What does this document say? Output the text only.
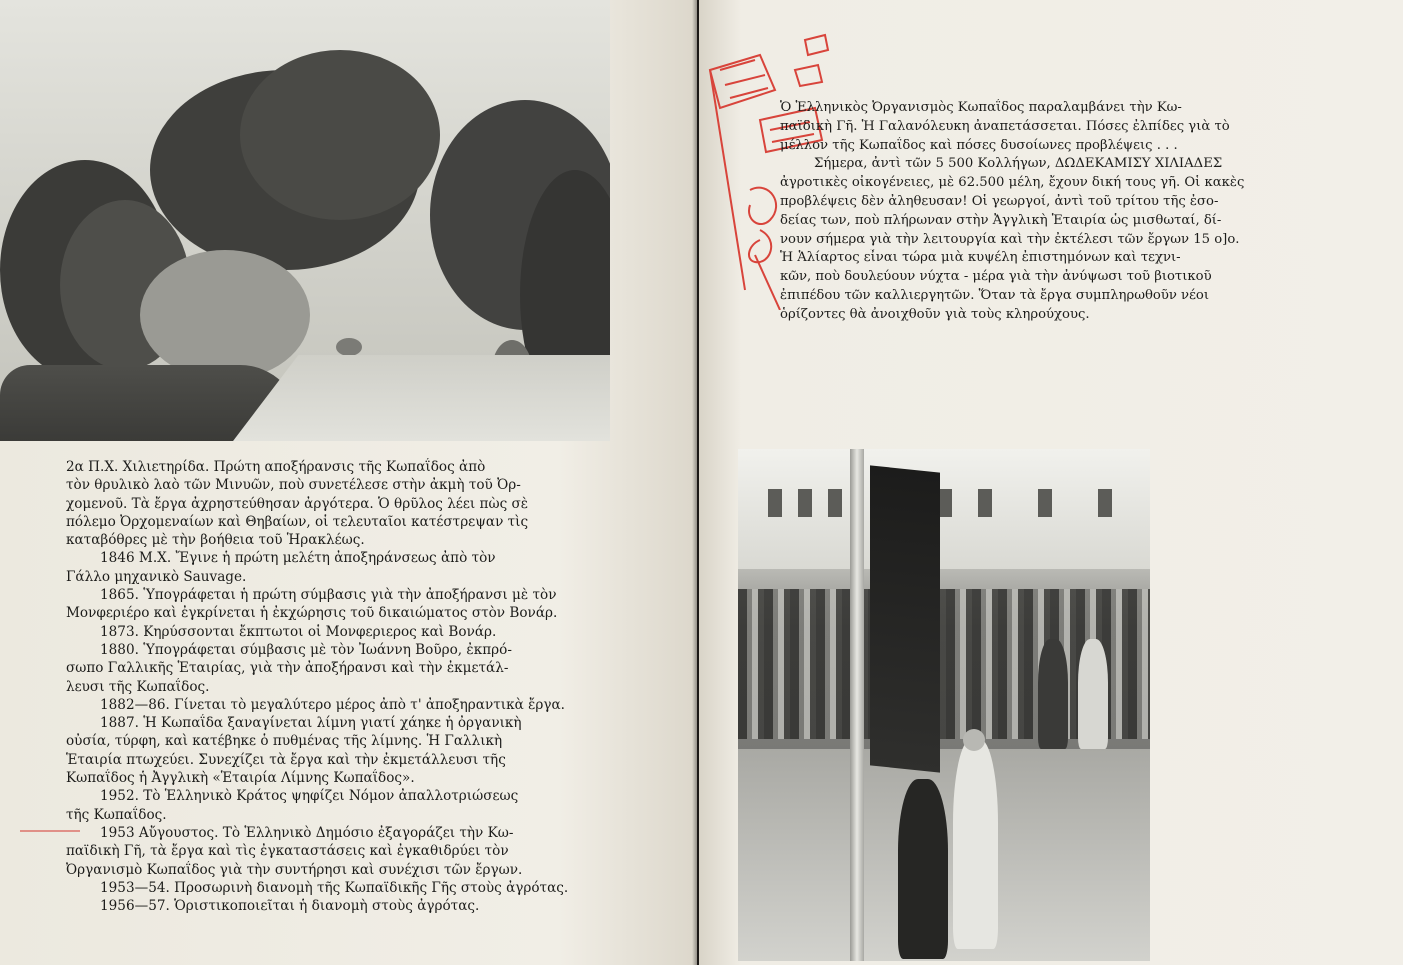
2α Π.Χ. Χιλιετηρίδα. Πρώτη αποξήρανσις τῆς Κωπαΐδος ἀπὸ

τὸν θρυλικὸ λαὸ τῶν Μινυῶν, ποὺ συνετέλεσε στὴν ἀκμὴ τοῦ Ὀρ-

χομενοῦ. Τὰ ἔργα ἀχρηστεύθησαν ἀργότερα. Ὁ θρῦλος λέει πὼς σὲ

πόλεμο Ὀρχομεναίων καὶ Θηβαίων, οἱ τελευταῖοι κατέστρεψαν τὶς

καταβόθρες μὲ τὴν βοήθεια τοῦ Ἡρακλέως.

1846 Μ.Χ. Ἔγινε ἡ πρώτη μελέτη ἀποξηράνσεως ἀπὸ τὸν

Γάλλο μηχανικὸ Sauvage.

1865. Ὑπογράφεται ἡ πρώτη σύμβασις γιὰ τὴν ἀποξήρανσι μὲ τὸν

Μονφεριέρο καὶ ἐγκρίνεται ἡ ἐκχώρησις τοῦ δικαιώματος στὸν Βονάρ.

1873. Κηρύσσονται ἔκπτωτοι οἱ Μονφεριερος καὶ Βονάρ.

1880. Ὑπογράφεται σύμβασις μὲ τὸν Ἰωάννη Βοῦρο, ἐκπρό-

σωπο Γαλλικῆς Ἑταιρίας, γιὰ τὴν ἀποξήρανσι καὶ τὴν ἐκμετάλ-

λευσι τῆς Κωπαΐδος.

1882—86. Γίνεται τὸ μεγαλύτερο μέρος ἀπὸ τ' ἀποξηραντικὰ ἔργα.

1887. Ἡ Κωπαΐδα ξαναγίνεται λίμνη γιατί χάηκε ἡ ὀργανικὴ

οὐσία, τύρφη, καὶ κατέβηκε ὁ πυθμένας τῆς λίμνης. Ἡ Γαλλικὴ

Ἑταιρία πτωχεύει. Συνεχίζει τὰ ἔργα καὶ τὴν ἐκμετάλλευσι τῆς

Κωπαΐδος ἡ Ἀγγλικὴ «Ἑταιρία Λίμνης Κωπαΐδος».

1952. Τὸ Ἑλληνικὸ Κράτος ψηφίζει Νόμον ἀπαλλοτριώσεως

τῆς Κωπαΐδος.

1953 Αὔγουστος. Τὸ Ἑλληνικὸ Δημόσιο ἐξαγοράζει τὴν Κω-

παϊδικὴ Γῆ, τὰ ἔργα καὶ τὶς ἐγκαταστάσεις καὶ ἐγκαθιδρύει τὸν

Ὀργανισμὸ Κωπαΐδος γιὰ τὴν συντήρησι καὶ συνέχισι τῶν ἔργων.

1953—54. Προσωρινὴ διανομὴ τῆς Κωπαϊδικῆς Γῆς στοὺς ἀγρότας.

1956—57. Ὁριστικοποιεῖται ἡ διανομὴ στοὺς ἀγρότας.

Ὁ Ἑλληνικὸς Ὀργανισμὸς Κωπαΐδος παραλαμβάνει τὴν Κω-

παϊδικὴ Γῆ. Ἡ Γαλανόλευκη ἀναπετάσσεται. Πόσες ἐλπίδες γιὰ τὸ

μέλλον τῆς Κωπαΐδος καὶ πόσες δυσοίωνες προβλέψεις . . .

Σήμερα, ἀντὶ τῶν 5 500 Κολλήγων, ΔΩΔΕΚΑΜΙΣΥ ΧΙΛΙΑΔΕΣ

ἀγροτικὲς οἰκογένειες, μὲ 62.500 μέλη, ἔχουν δική τους γῆ. Οἱ κακὲς

προβλέψεις δὲν ἀληθευσαν! Οἱ γεωργοί, ἀντὶ τοῦ τρίτου τῆς ἐσο-

δείας των, ποὺ πλήρωναν στὴν Ἀγγλικὴ Ἑταιρία ὡς μισθωταί, δί-

νουν σήμερα γιὰ τὴν λειτουργία καὶ τὴν ἐκτέλεσι τῶν ἔργων 15 ο]ο.

Ἡ Ἁλίαρτος εἶναι τώρα μιὰ κυψέλη ἐπιστημόνων καὶ τεχνι-

κῶν, ποὺ δουλεύουν νύχτα - μέρα γιὰ τὴν ἀνύψωσι τοῦ βιοτικοῦ

ἐπιπέδου τῶν καλλιεργητῶν. Ὅταν τὰ ἔργα συμπληρωθοῦν νέοι

ὁρίζοντες θὰ ἀνοιχθοῦν γιὰ τοὺς κληρούχους.
